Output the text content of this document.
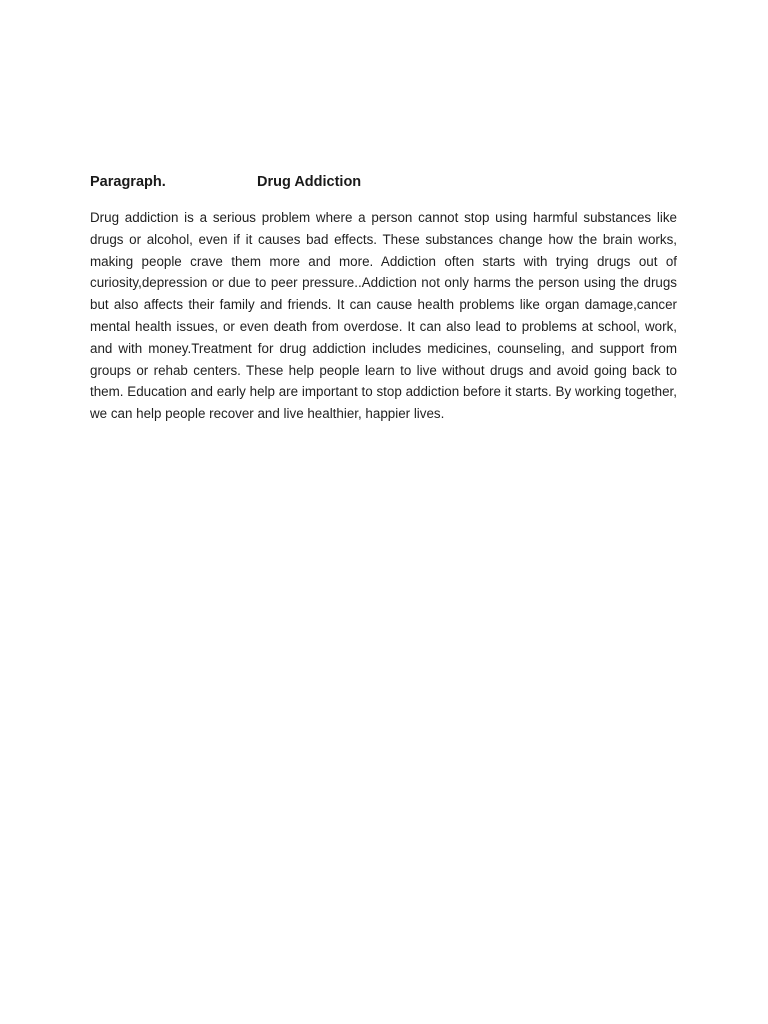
Paragraph.	Drug Addiction

Drug addiction is a serious problem where a person cannot stop using harmful substances like drugs or alcohol, even if it causes bad effects. These substances change how the brain works, making people crave them more and more. Addiction often starts with trying drugs out of curiosity,depression or due to peer pressure..Addiction not only harms the person using the drugs but also affects their family and friends. It can cause health problems like organ damage,cancer mental health issues, or even death from overdose. It can also lead to problems at school, work, and with money.Treatment for drug addiction includes medicines, counseling, and support from groups or rehab centers. These help people learn to live without drugs and avoid going back to them. Education and early help are important to stop addiction before it starts. By working together, we can help people recover and live healthier, happier lives.
